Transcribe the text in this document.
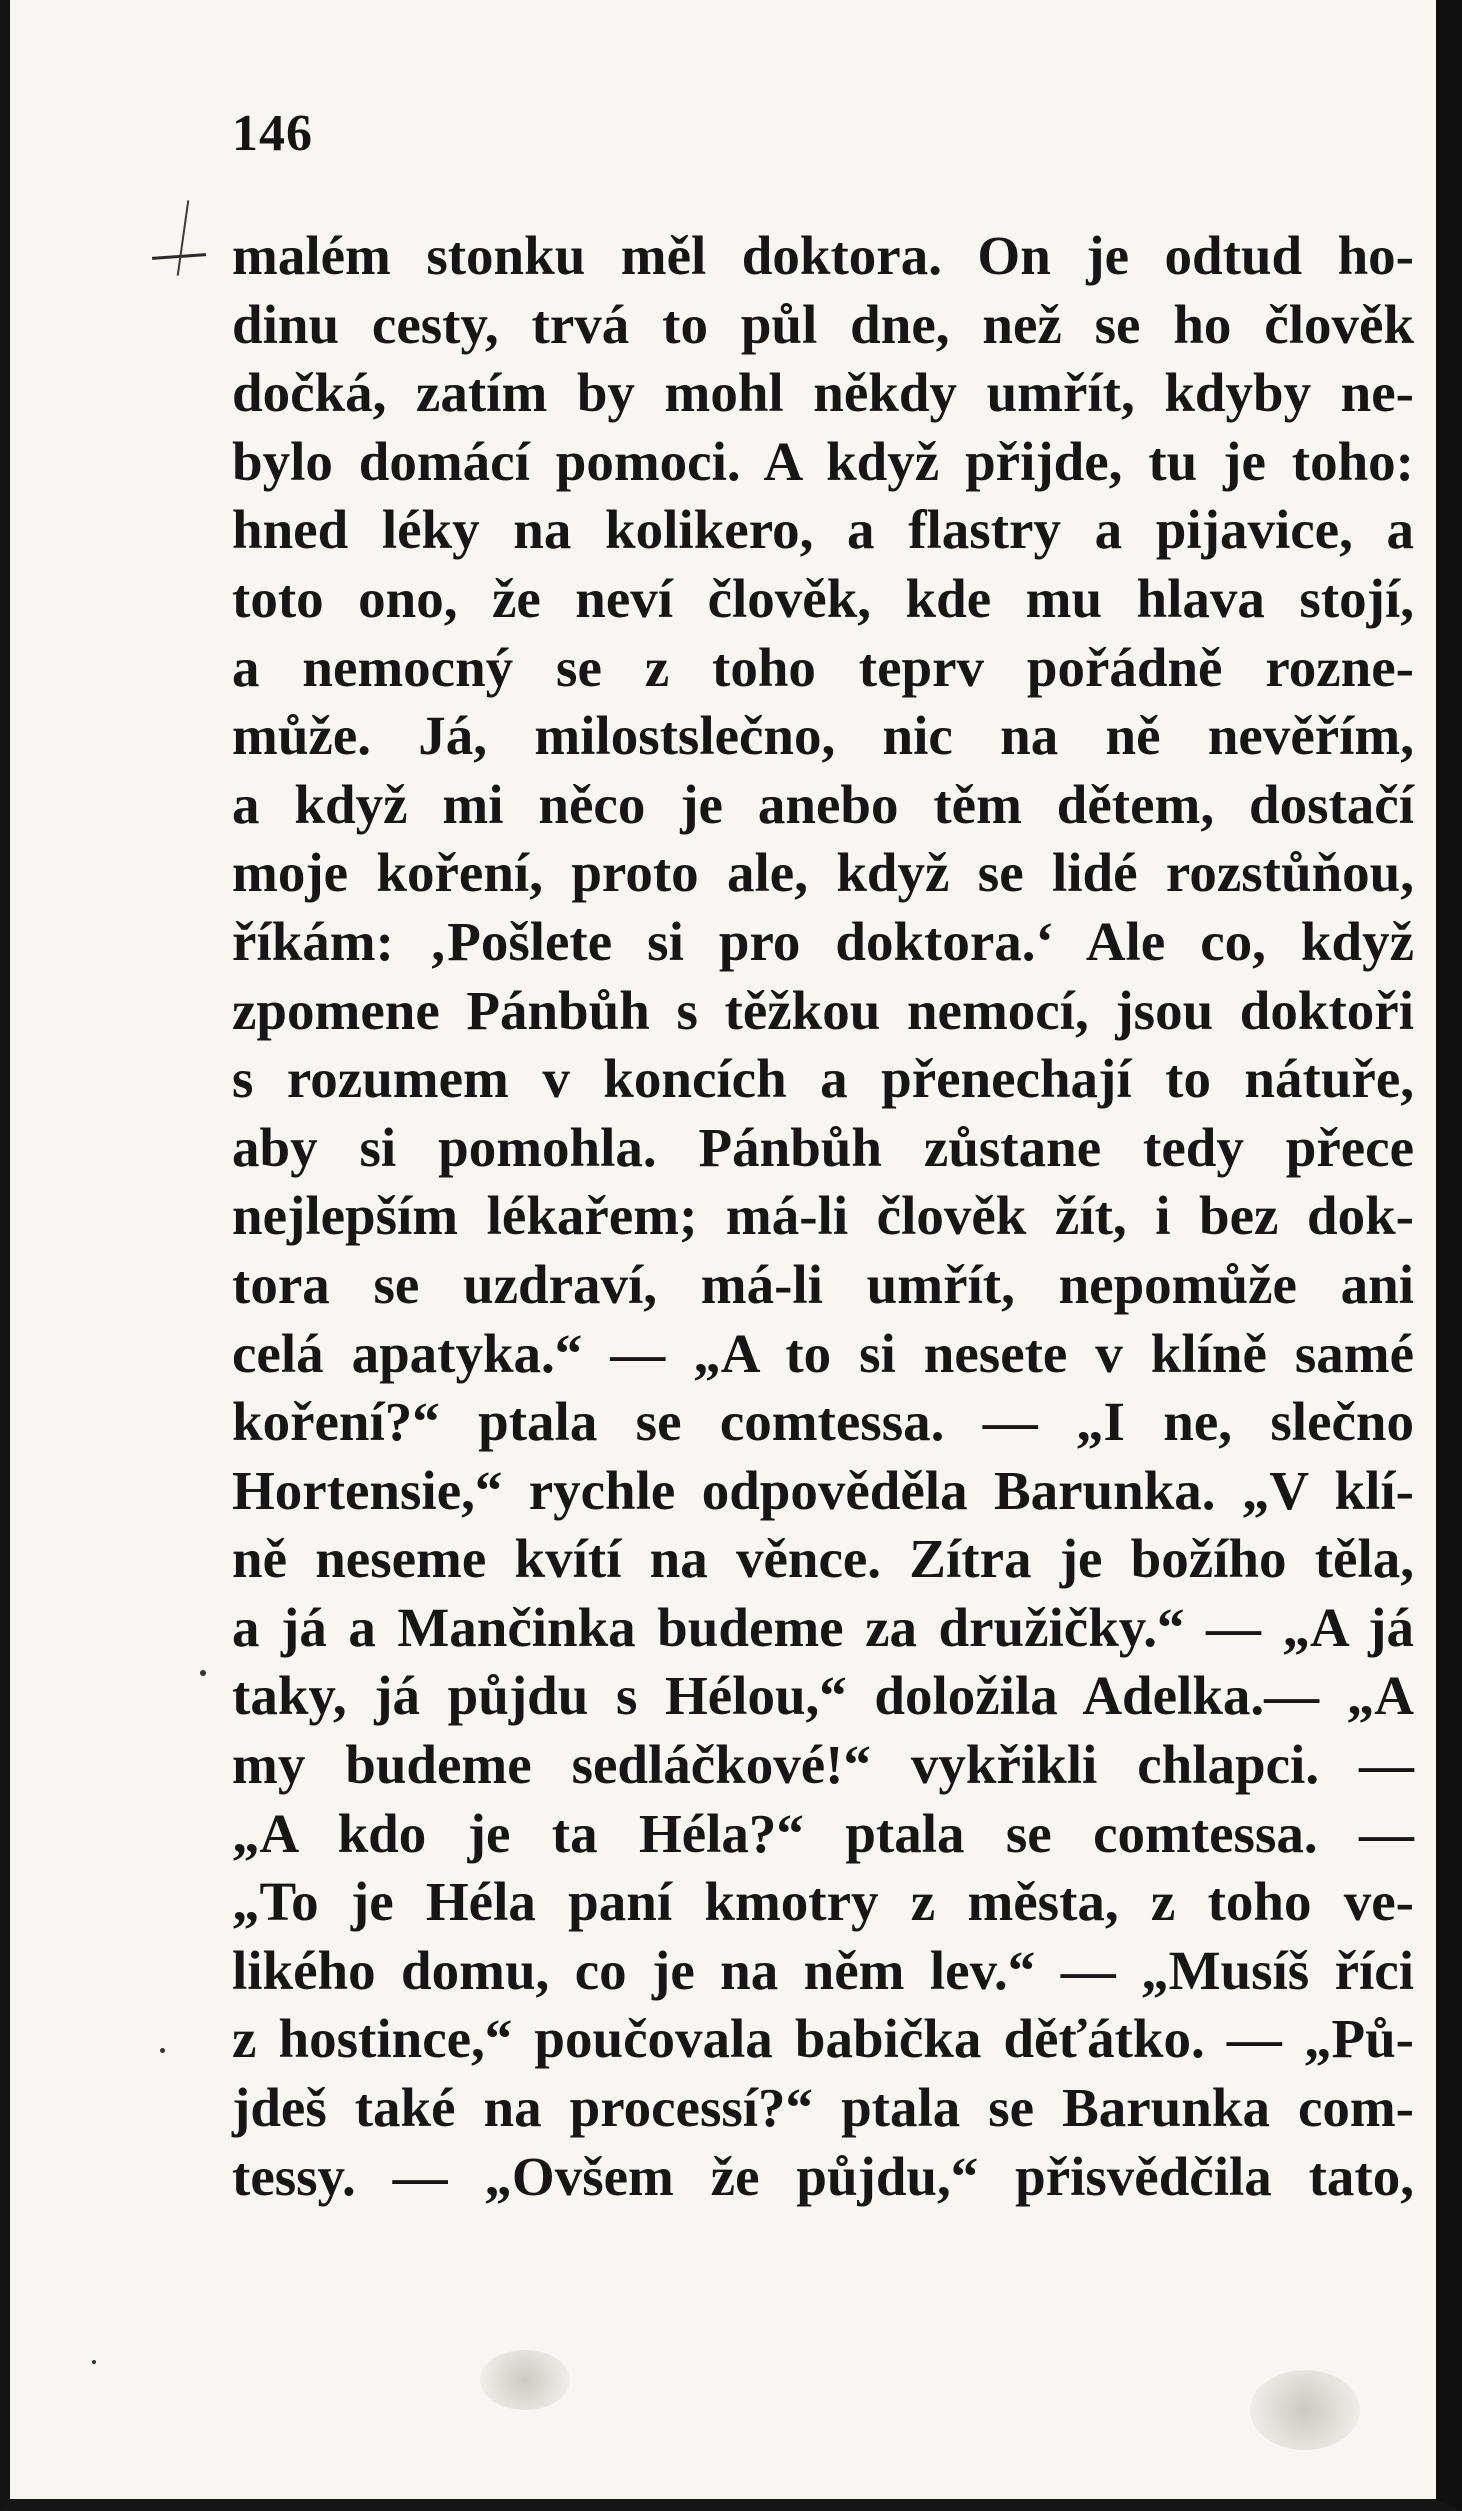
146

malém stonku měl doktora. On je odtud ho-
dinu cesty, trvá to půl dne, než se ho člověk
dočká, zatím by mohl někdy umřít, kdyby ne-
bylo domácí pomoci. A když přijde, tu je toho:
hned léky na kolikero, a flastry a pijavice, a
toto ono, že neví člověk, kde mu hlava stojí,
a nemocný se z toho teprv pořádně rozne-
může. Já, milostslečno, nic na ně nevěřím,
a když mi něco je anebo těm dětem, dostačí
moje koření, proto ale, když se lidé rozstůňou,
říkám: ‚Pošlete si pro doktora.‘ Ale co, když
zpomene Pánbůh s těžkou nemocí, jsou doktoři
s rozumem v koncích a přenechají to nátuře,
aby si pomohla. Pánbůh zůstane tedy přece
nejlepším lékařem; má-li člověk žít, i bez dok-
tora se uzdraví, má-li umřít, nepomůže ani
celá apatyka.“ — „A to si nesete v klíně samé
koření?“ ptala se comtessa. — „I ne, slečno
Hortensie,“ rychle odpověděla Barunka. „V klí-
ně neseme kvítí na věnce. Zítra je božího těla,
a já a Mančinka budeme za družičky.“ — „A já
taky, já půjdu s Hélou,“ doložila Adelka.— „A
my budeme sedláčkové!“ vykřikli chlapci. —
„A kdo je ta Héla?“ ptala se comtessa. —
„To je Héla paní kmotry z města, z toho ve-
likého domu, co je na něm lev.“ — „Musíš říci
z hostince,“ poučovala babička děťátko. — „Pů-
jdeš také na processí?“ ptala se Barunka com-
tessy. — „Ovšem že půjdu,“ přisvědčila tato,
